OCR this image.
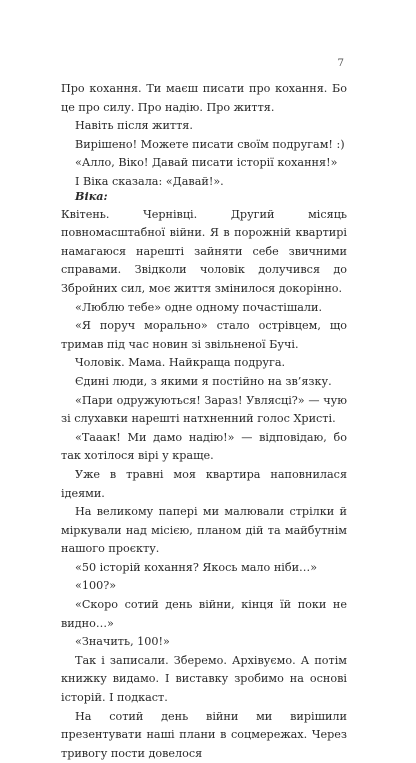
7

Про кохання. Ти маєш писати про кохання. Бо це про силу. Про надію. Про життя.

Навіть після життя.

Вирішено! Можете писати своїм подругам! :)

«Алло, Віко! Давай писати історії кохання!»

І Віка сказала: «Давай!».

Віка:

Квітень. Чернівці. Другий місяць повномасштабної війни. Я в порожній квартирі намагаюся нарешті зайняти себе звичними справами. Звідколи чоловік долучився до Збройних сил, моє життя змінилося докорінно.

«Люблю тебе» одне одному почастішали.

«Я поруч морально» стало острівцем, що тримав під час новин зі звільненої Бучі.

Чоловік. Мама. Найкраща подруга.

Єдині люди, з якими я постійно на зв’язку.

«Пари одружуються! Зараз! Увлясці?» — чую зі слухавки нарешті натхненний голос Христі.

«Тааак! Ми дамо надію!» — відповідаю, бо так хотілося вірі у краще.

Уже в травні моя квартира наповнилася ідеями.

На великому папері ми малювали стрілки й міркували над місією, планом дій та майбутнім нашого проєкту.

«50 історій кохання? Якось мало ніби…»

«100?»

«Скоро сотий день війни, кінця їй поки не видно…»

«Значить, 100!»

Так і записали. Зберемо. Архівуємо. А потім книжку видамо. І виставку зробимо на основі історій. І подкаст.

На сотий день війни ми вирішили презентувати наші плани в соцмережах. Через тривогу пости довелося
